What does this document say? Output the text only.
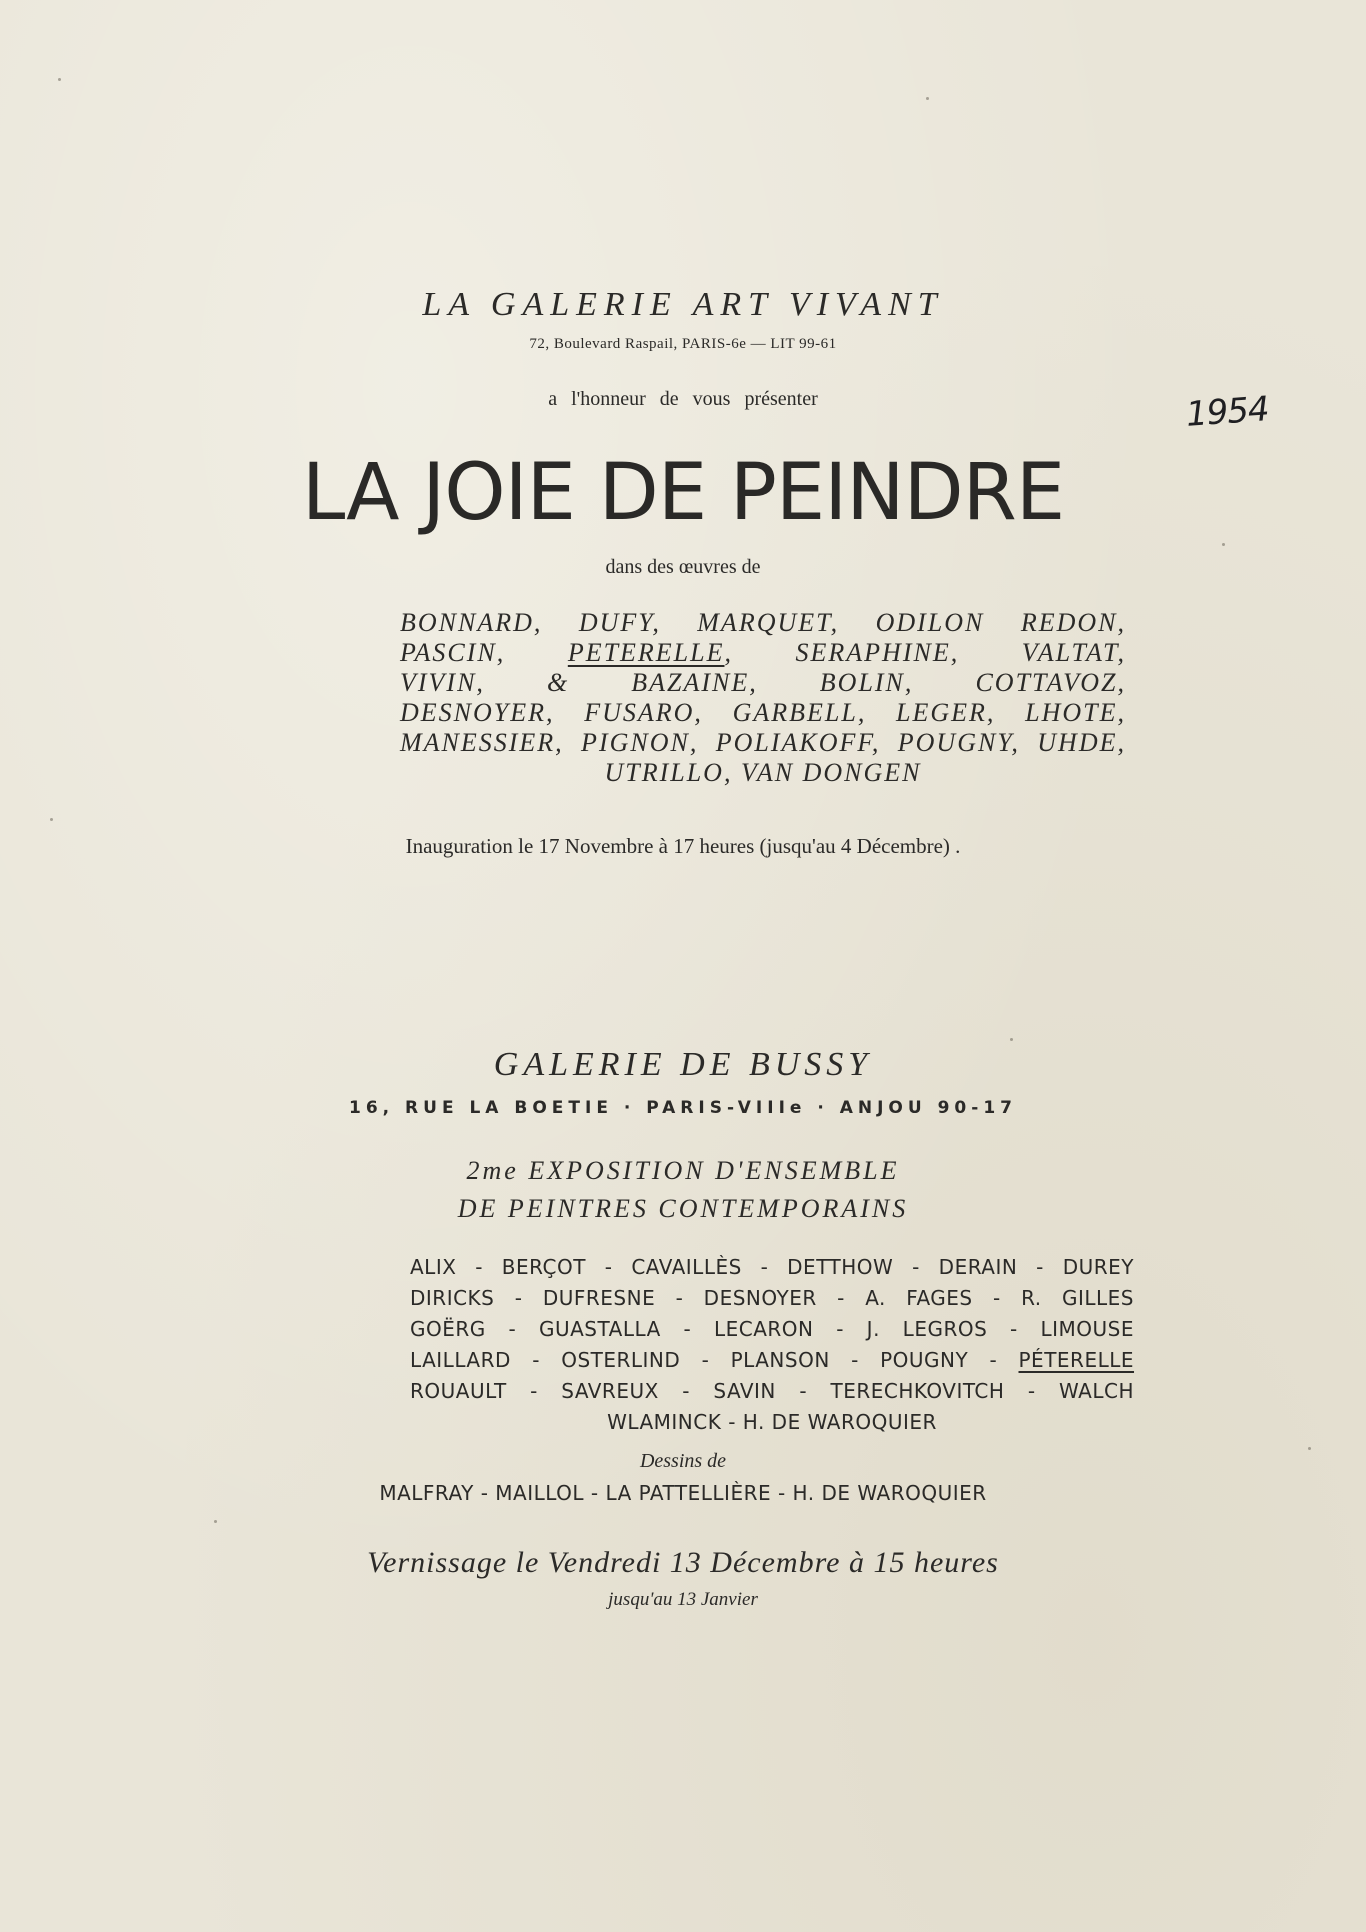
LA GALERIE ART VIVANT
72, Boulevard Raspail, PARIS-6e — LIT 99-61
a l'honneur de vous présenter
LA JOIE DE PEINDRE
dans des œuvres de
BONNARD, DUFY, MARQUET, ODILON REDON,
PASCIN, PETERELLE, SERAPHINE, VALTAT,
VIVIN, & BAZAINE, BOLIN, COTTAVOZ,
DESNOYER, FUSARO, GARBELL, LEGER, LHOTE,
MANESSIER, PIGNON, POLIAKOFF, POUGNY, UHDE,
UTRILLO, VAN DONGEN
Inauguration le 17 Novembre à 17 heures (jusqu'au 4 Décembre) .
1954
GALERIE DE BUSSY
16, RUE LA BOETIE · PARIS-VIIIe · ANJOU 90-17
2me EXPOSITION D'ENSEMBLE
DE PEINTRES CONTEMPORAINS
ALIX - BERÇOT - CAVAILLÈS - DETTHOW - DERAIN - DUREY
DIRICKS - DUFRESNE - DESNOYER - A. FAGES - R. GILLES
GOËRG - GUASTALLA - LECARON - J. LEGROS - LIMOUSE
LAILLARD - OSTERLIND - PLANSON - POUGNY - PÉTERELLE
ROUAULT - SAVREUX - SAVIN - TERECHKOVITCH - WALCH
WLAMINCK - H. DE WAROQUIER
Dessins de
MALFRAY - MAILLOL - LA PATTELLIÈRE - H. DE WAROQUIER
Vernissage le Vendredi 13 Décembre à 15 heures
jusqu'au 13 Janvier
